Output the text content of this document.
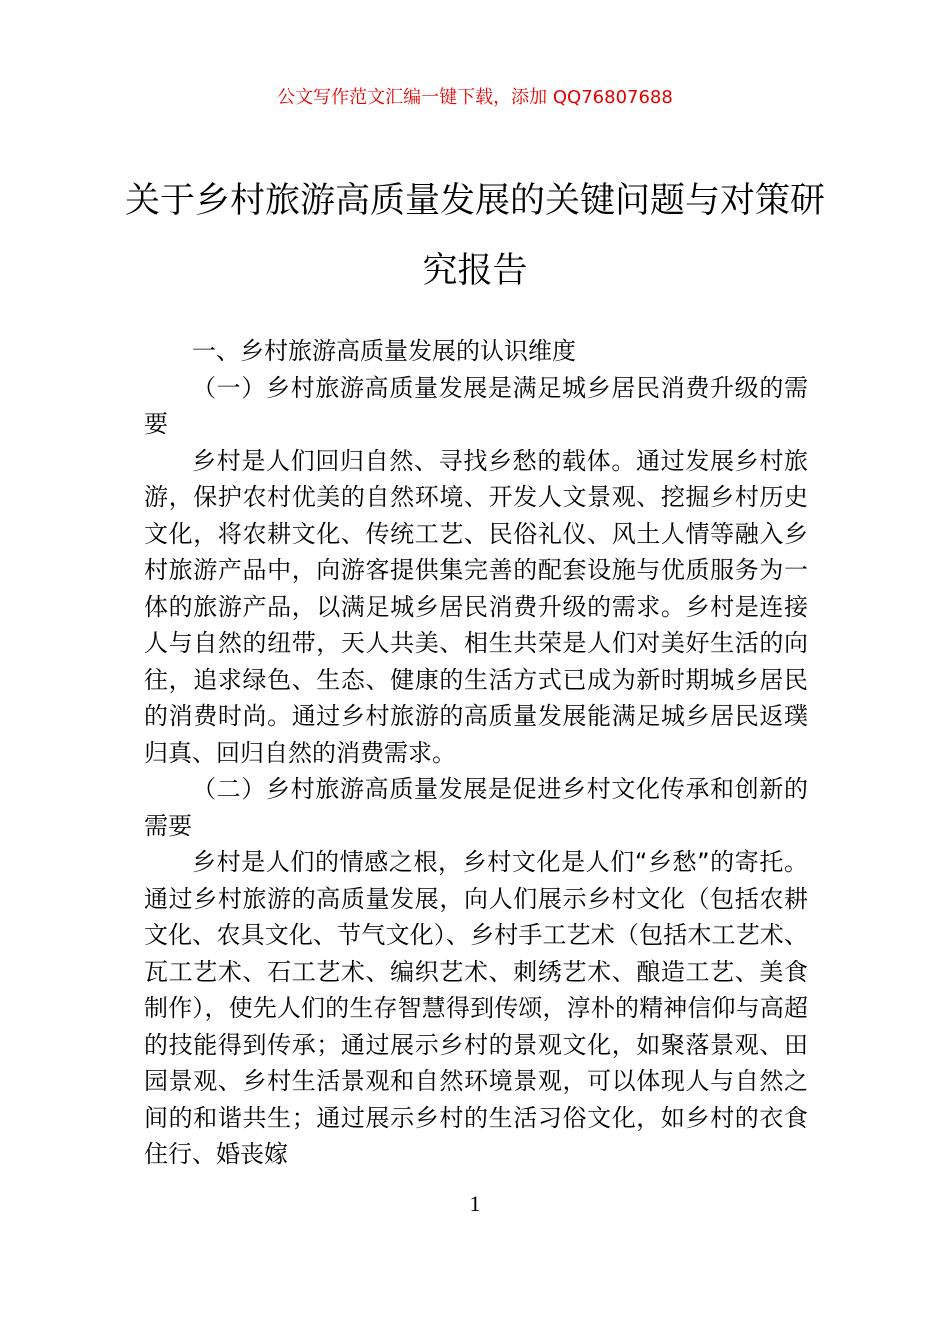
公文写作范文汇编一键下载，添加 QQ76807688
关于乡村旅游高质量发展的关键问题与对策研究报告

一、乡村旅游高质量发展的认识维度

（一）乡村旅游高质量发展是满足城乡居民消费升级的需要

乡村是人们回归自然、寻找乡愁的载体。通过发展乡村旅游，保护农村优美的自然环境、开发人文景观、挖掘乡村历史文化，将农耕文化、传统工艺、民俗礼仪、风土人情等融入乡村旅游产品中，向游客提供集完善的配套设施与优质服务为一体的旅游产品，以满足城乡居民消费升级的需求。乡村是连接人与自然的纽带，天人共美、相生共荣是人们对美好生活的向往，追求绿色、生态、健康的生活方式已成为新时期城乡居民的消费时尚。通过乡村旅游的高质量发展能满足城乡居民返璞归真、回归自然的消费需求。

（二）乡村旅游高质量发展是促进乡村文化传承和创新的需要

乡村是人们的情感之根，乡村文化是人们“乡愁”的寄托。通过乡村旅游的高质量发展，向人们展示乡村文化（包括农耕文化、农具文化、节气文化）、乡村手工艺术（包括木工艺术、瓦工艺术、石工艺术、编织艺术、刺绣艺术、酿造工艺、美食制作），使先人们的生存智慧得到传颂，淳朴的精神信仰与高超的技能得到传承；通过展示乡村的景观文化，如聚落景观、田园景观、乡村生活景观和自然环境景观，可以体现人与自然之间的和谐共生；通过展示乡村的生活习俗文化，如乡村的衣食住行、婚丧嫁

1
